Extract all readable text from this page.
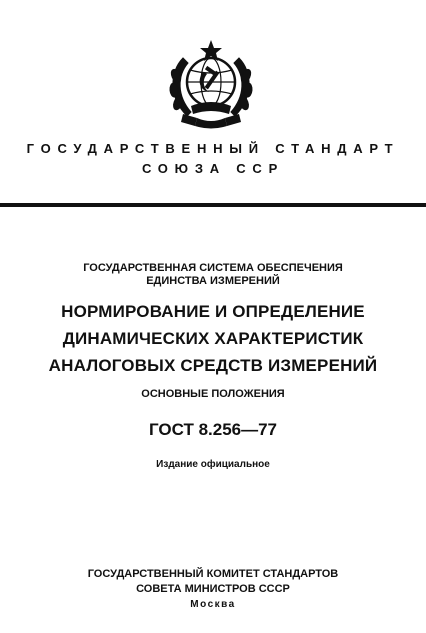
ГОСУДАРСТВЕННЫЙ СТАНДАРТ
СОЮЗА ССР
ГОСУДАРСТВЕННАЯ СИСТЕМА ОБЕСПЕЧЕНИЯ
ЕДИНСТВА ИЗМЕРЕНИЙ
НОРМИРОВАНИЕ И ОПРЕДЕЛЕНИЕ
ДИНАМИЧЕСКИХ ХАРАКТЕРИСТИК
АНАЛОГОВЫХ СРЕДСТВ ИЗМЕРЕНИЙ
ОСНОВНЫЕ ПОЛОЖЕНИЯ
ГОСТ 8.256—77
Издание официальное
ГОСУДАРСТВЕННЫЙ КОМИТЕТ СТАНДАРТОВ
СОВЕТА МИНИСТРОВ СССР
Москва
